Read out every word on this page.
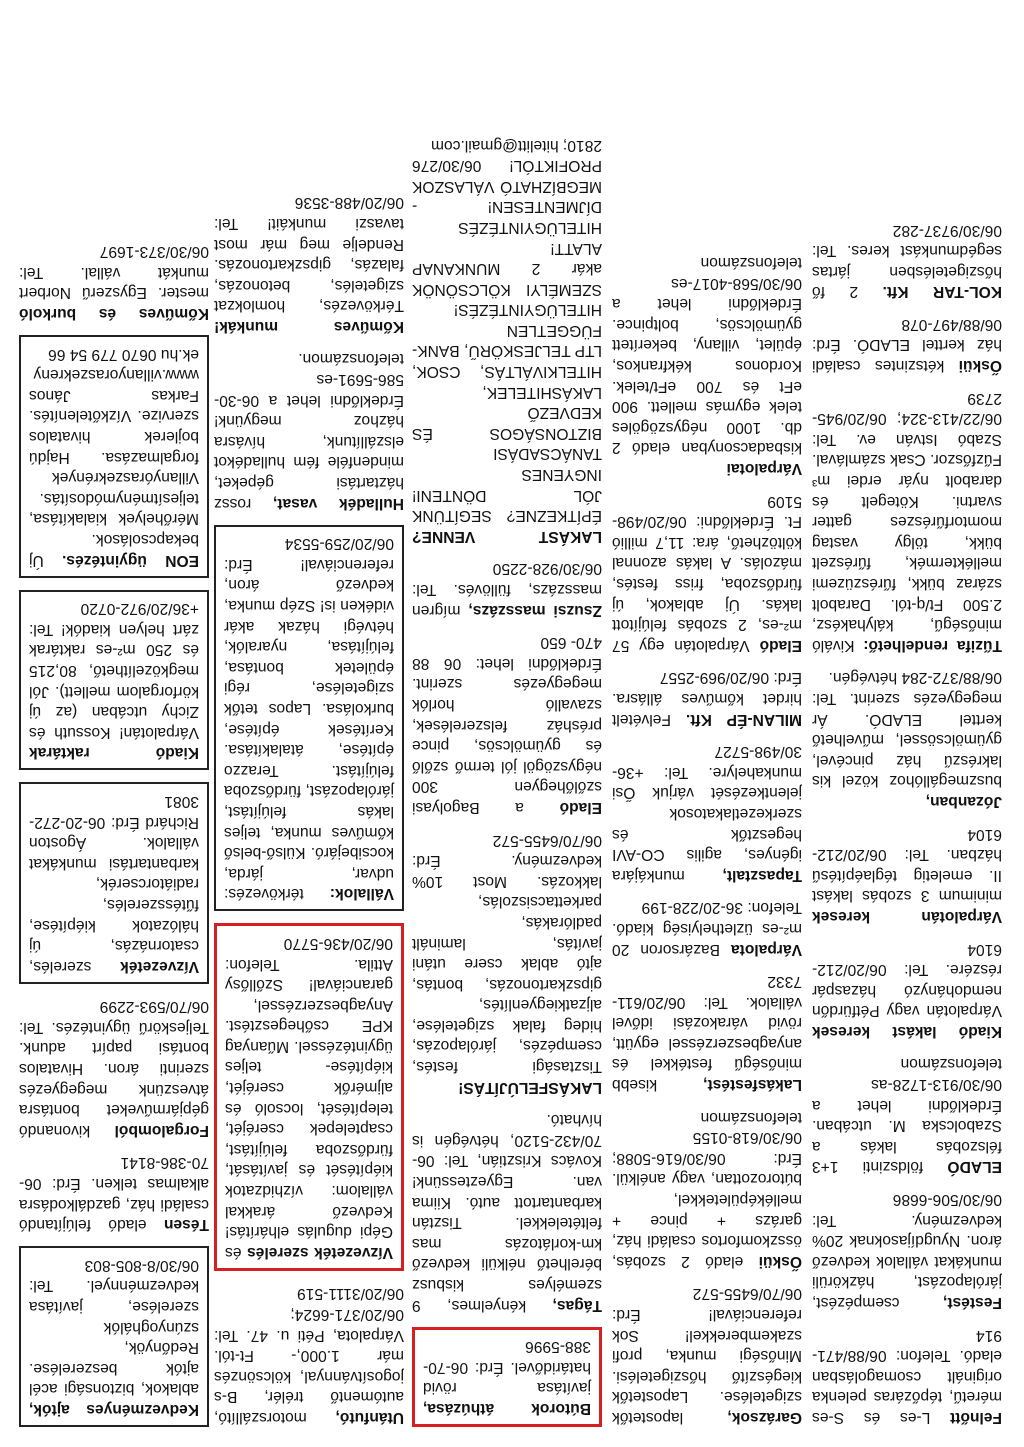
Felnőtt L-es és S-es méretű, tépőzáras pelenka originált csomagolásban eladó. Telefon: 06/88/471-914
Festést, csempézést, járólapozást, házkörüli munkákat vállalok kedvező áron. Nyugdíjasoknak 20% kedvezmény. Tel: 06/30/506-6686
ELADÓ földszinti 1+3 félszobás lakás a Szabolcska M. utcában. Érdeklődni lehet a 06/30/913-1728-as telefonszámon
Kiadó lakást keresek Várpalotán vagy Pétfürdőn nemdohányzó házaspár részére. Tel: 06/20/212-6104
Várpalotán keresek minimum 3 szobás lakást II. emeletig téglaépítésű házban. Tel: 06/20/212-6104
Józanban, buszmegállóhoz közel kis lakrészű ház pincével, gyümölcsössel, művelhető kerttel ELADÓ. Ár megegyezés szerint. Tel: 06/88/372-284 hétvégén.
Tűzifa rendelhető: Kiváló minőségű, kályhakész, 2.500 Ft/q-tól. Darabolt száraz bükk, fűrészüzemi melléktermék, fűrészelt bükk, tölgy vastag momtorfűrészes gatter svartni. Kötegelt és darabolt nyár erdei m³ Fűzfőszor. Csak számlával. Szabó István ev. Tel: 06/22/413-324; 06/20/945-2739
Ősküi kétszintes családi ház kerttel ELADÓ. Érd: 06/88/497-078
KOL-TAR Kft. 2 fő hőszigetelésben jártas segédmunkást keres. Tel: 06/30/9737-282
Garázsok, lapostetők szigetelése. Lapostetők kiegészítő hőszigetelési. Minőségi munka, profi szakemberekkel! Sok referenciával! Érd: 06/70/6455-572
Ősküi eladó 2 szobás, összkomfortos családi ház, garázs + pince + melléképületekkel, bútorozottan, vagy anélkül. Érd: 06/30/616-5088; 06/30/618-0155 telefonszámon
Lakásfestést, kisebb minőségű festékkel és anyagbeszerzéssel együtt, rövid várakozási idővel vállalok. Tel: 06/20/611-7332
Várpalota Bazársoron 20 m²-es üzlethelyiség kiadó. Telefon: 36-20/228-199
Tapasztalt, munkájára igényes, agilis CO-AVI hegesztők és szerkezetlakatosok jelentkezését várjuk Ősi munkahelyre. Tel: +36-30/498-5727
MILAN-ÉP Kft. Felvételt hirdet kőműves állásra. Érd: 06/20/969-2557
Eladó Várpalotán egy 57 m²-es, 2 szobás felújított lakás. Új ablakok, új fürdőszoba, friss festés, mázolás. A lakás azonnal költözhető, ára: 11,7 millió Ft. Érdeklődni: 06/20/498-5109
Várpalotai kisbadacsonyban eladó 2 db. 1000 négyszögöles telek egymás mellett. 900 eFt és 700 eFt/telek. Kordonos kékfrankos, épület, villany, bekerített gyümölcsös, boltpince. Érdeklődni lehet a 06/30/568-4017-es telefonszámon
Bútorok áthúzása, javítása rövid határidővel. Érd: 06-70-388-5996
Tágas, kényelmes, 9 személyes kisbusz bérelhető nélküli kedvező km-korlátozás mas feltételekkel. Tisztán karbantartott autó. Kiima van. Egyeztessünk! Kovács Krisztián, Tel: 06-70/432-5120, hétvégén is hívható.
LAKÁSFELÚJÍTÁS! Tisztasági festés, csempézés, járólapozás, hideg falak szigetelése, aljzatkiegyenlítés, gipszkartonozás, bontás, ajtó ablak csere utáni javítás, laminált padlórakás, parkettacsiszolás, lakkozás. Most 10% kedvezmény. Érd: 06/70/6455-572
Eladó a Bagolyasi szőlőhegyen 300 négyszögöl jól termő szőlő és gyümölcsös, pince présház felszerelések, szavalló horlók megegyezés szerint. Érdeklődni lehet: 06 88 470- 650
Zsuzsi masszázs, mígren masszázs, füllövés. Tel: 06/30/928-2250
LAKÁST VENNE? ÉPÍTKEZNE? SEGÍTÜNK JÓL DÖNTENI! INGYENES TANÁCSADÁSI BIZTONSÁGOS ÉS KEDVEZŐ LAKÁSHITELEK, HITELKIVÁLTÁS, CSOK, LTP TELJESKÖRŰ, BANK-FÜGGETLEN HITELÜGYINTÉZÉS! SZEMÉLYI KÖLCSÖNÖK akár 2 MUNKANAP ALATT! HITELÜGYINTÉZÉS DÍJMENTESEN! - MEGBÍZHATÓ VÁLASZOK PROFIKTÓL! 06/30/276 2810; hitelitt@gmail.com
Utánfutó, motorszállító, autómentő trélér, B-s jogosítvánnyal, kölcsönzés már 1.000,- Ft-tól. Várpalota, Péti u. 47. Tel: 06/20/371-6624; 06/20/3111-519
Vízvezeték szerelés és Gépi dugulás elhárítás! Kedvező árakkal vállalom: vízhidzatok kiépítését és javítását, fürdőszoba felújítást, csaptelepek cseréjét, telepítését, locsoló és aljmérők cseréjét, kiépítése- teljes ügyintézéssel. Műanyag KPE csőhegesztést. Anyagbeszerzéssel, garanciával! Szőllősy Attila. Telefon: 06/20/436-5770
Vállalok: térkövezés: udvar, járda, kocsibejáró. Külső-belső kőműves munka, teljes lakás felújítást, járólapozást, fürdőszoba felújítást. Terazzo építése, átalakítása. Kerítések építése, burkolása. Lapos tetők szigetelése, régi épületek bontása, felújítása, nyaralók, hétvégi házak akár vidéken is! Szép munka, kedvező áron, referenciával! Érd: 06/20/259-5534
Hulladék vasat, rossz háztartási gépeket, mindenféle fém hulladékot elszállítunk, hívásra házhoz megyünk! Érdeklődni lehet a 06-30-586-5691-es telefonszámon.
Kőműves munkák! Térkövezés, homlokzat szigetelés, betonozás, falazás, gipszkartonozás. Rendelje meg már most tavaszi munkáit! Tel: 06/20/488-3536
Kedvezményes ajtók, ablakok, biztonsági acél ajtók beszerelése. Redőnyök, szúnyoghálók szerelése, javítása kedvezménnyel. Tel: 06/30/8-805-803
Tésen eladó felújítandó családi ház, gazdálkodásra alkalmas telken. Érd: 06-70-386-8141
Forgalomból kivonandó gépjárműveket bontásra átveszünk megegyezés szerinti áron. Hivatalos bontási papírt adunk. Teljeskörű ügyintézés. Tel: 06/70/593-2299
Vízvezeték szerelés, csatornázás, új hálózatok kiépítése, fűtésszerelés, radiátorcserék, karbantartási munkákat vállalok. Ágoston Richárd Érd: 06-20-272-3081
Kiadó raktárak Várpalotán! Kossuth és Zichy utcában (az új körforgalom mellett). Jól megközelíthető, 80,215 és 250 m²-es raktárak zárt helyen kiadók! Tel: +36/20/972-0720
EON ügyintézés. Új bekapcsolások. Mérőhelyek kialakítása, teljesítménymódosítás. Villanyóraszekrények forgalmazása. Hajdú bojlerek hivatalos szervize. Vízkőtelenítés. Farkas János www.villanyoraszekrenyek.hu 0670 779 54 66
Kőműves és burkoló mester. Egyszerű Norbert munkát vállal. Tel: 06/30/373-1697
